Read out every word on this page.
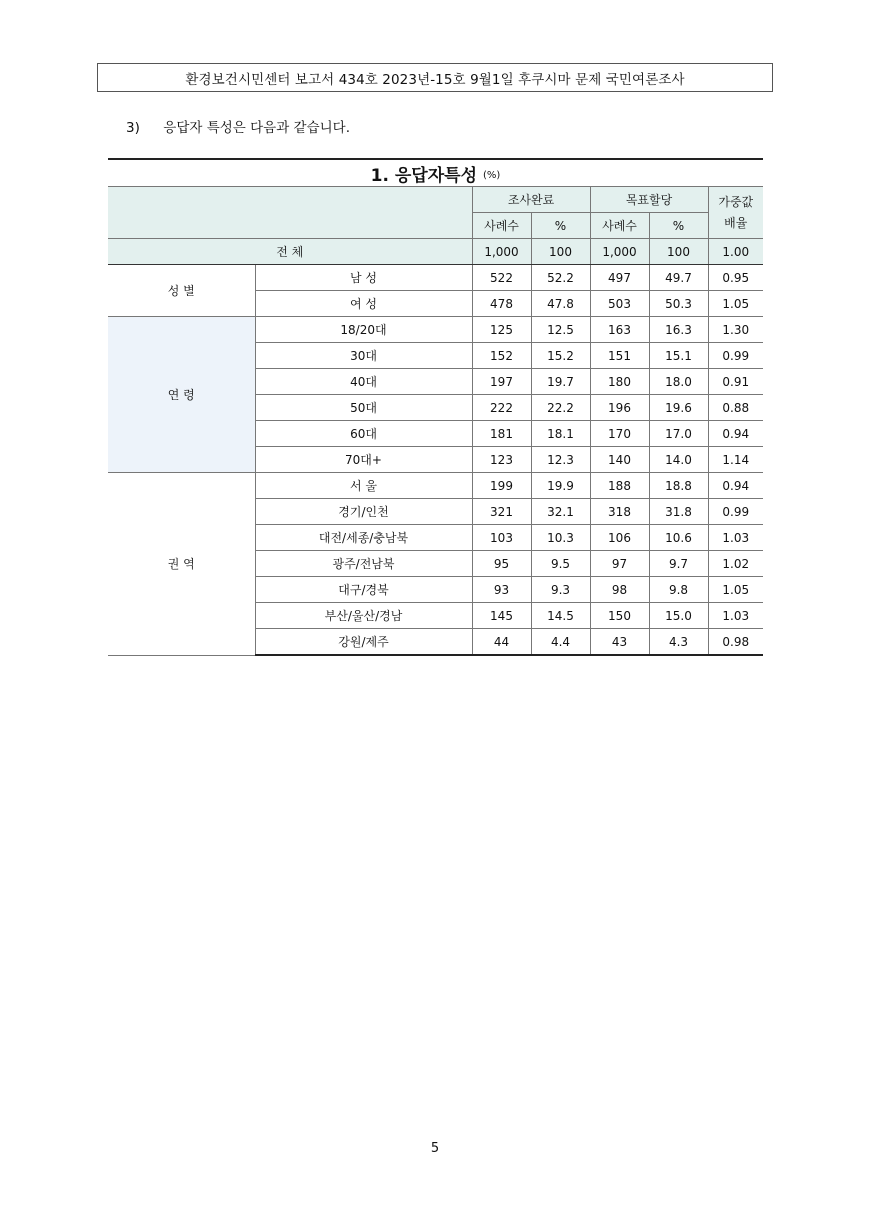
환경보건시민센터 보고서 434호 2023년-15호 9월1일 후쿠시마 문제 국민여론조사
3) 응답자 특성은 다음과 같습니다.
1. 응답자특성 (%)
		조사완료		목표할당		가중값 배율
		사례수	%	사례수	%	
전 체		1,000	100	1,000	100	1.00
성 별	남 성	522	52.2	497	49.7	0.95
	여 성	478	47.8	503	50.3	1.05
연 령	18/20대	125	12.5	163	16.3	1.30
	30대	152	15.2	151	15.1	0.99
	40대	197	19.7	180	18.0	0.91
	50대	222	22.2	196	19.6	0.88
	60대	181	18.1	170	17.0	0.94
	70대+	123	12.3	140	14.0	1.14
권 역	서 울	199	19.9	188	18.8	0.94
	경기/인천	321	32.1	318	31.8	0.99
	대전/세종/충남북	103	10.3	106	10.6	1.03
	광주/전남북	95	9.5	97	9.7	1.02
	대구/경북	93	9.3	98	9.8	1.05
	부산/울산/경남	145	14.5	150	15.0	1.03
	강원/제주	44	4.4	43	4.3	0.98
5
